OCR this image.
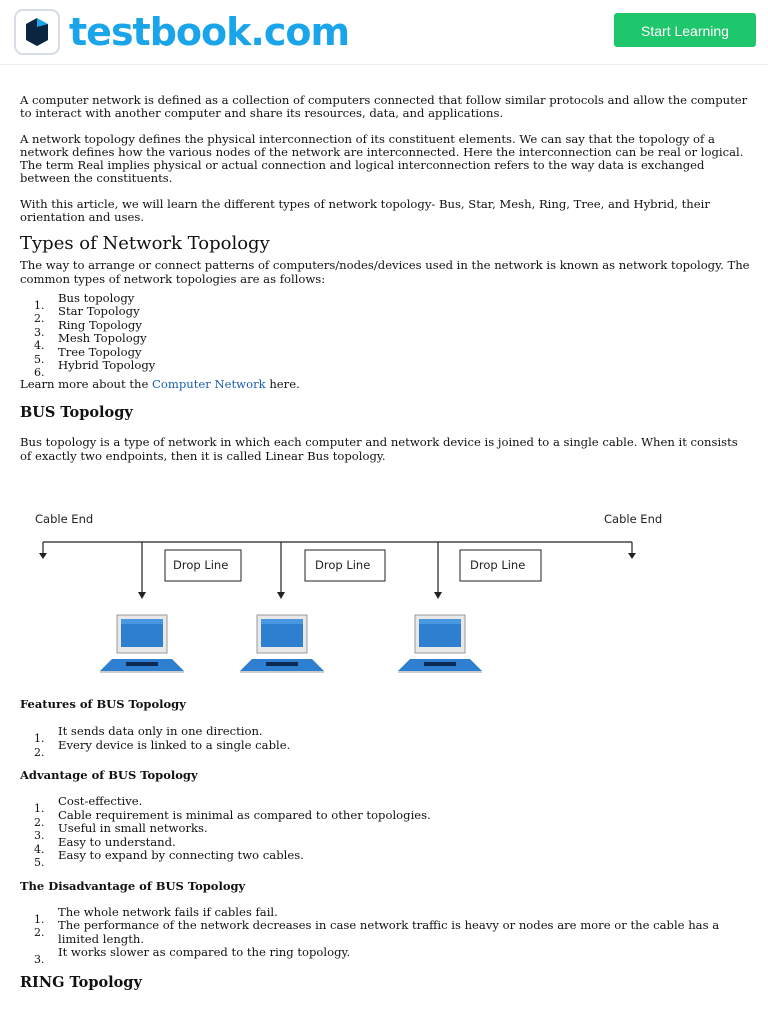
testbook.com	Start Learning

A computer network is defined as a collection of computers connected that follow similar protocols and allow the computer to interact with another computer and share its resources, data, and applications.

A network topology defines the physical interconnection of its constituent elements. We can say that the topology of a network defines how the various nodes of the network are interconnected. Here the interconnection can be real or logical. The term Real implies physical or actual connection and logical interconnection refers to the way data is exchanged between the constituents.

With this article, we will learn the different types of network topology- Bus, Star, Mesh, Ring, Tree, and Hybrid, their orientation and uses.

Types of Network Topology

The way to arrange or connect patterns of computers/nodes/devices used in the network is known as network topology. The common types of network topologies are as follows:

1.
Bus topology
2.
Star Topology
3.
Ring Topology
4.
Mesh Topology
5.
Tree Topology
6.
Hybrid Topology

Learn more about the Computer Network here.

BUS Topology

Bus topology is a type of network in which each computer and network device is joined to a single cable. When it consists of exactly two endpoints, then it is called Linear Bus topology.

Cable End	Cable End
Drop Line	Drop Line	Drop Line
Features of BUS Topology
1.
It sends data only in one direction.
2.
Every device is linked to a single cable.
Advantage of BUS Topology
1.
Cost-effective.
2.
Cable requirement is minimal as compared to other topologies.
3.
Useful in small networks.
4.
Easy to understand.
5.
Easy to expand by connecting two cables.
The Disadvantage of BUS Topology
1.
The whole network fails if cables fail.
2.
The performance of the network decreases in case network traffic is heavy or nodes are more or the cable has a limited length.
3.
It works slower as compared to the ring topology.
RING Topology
